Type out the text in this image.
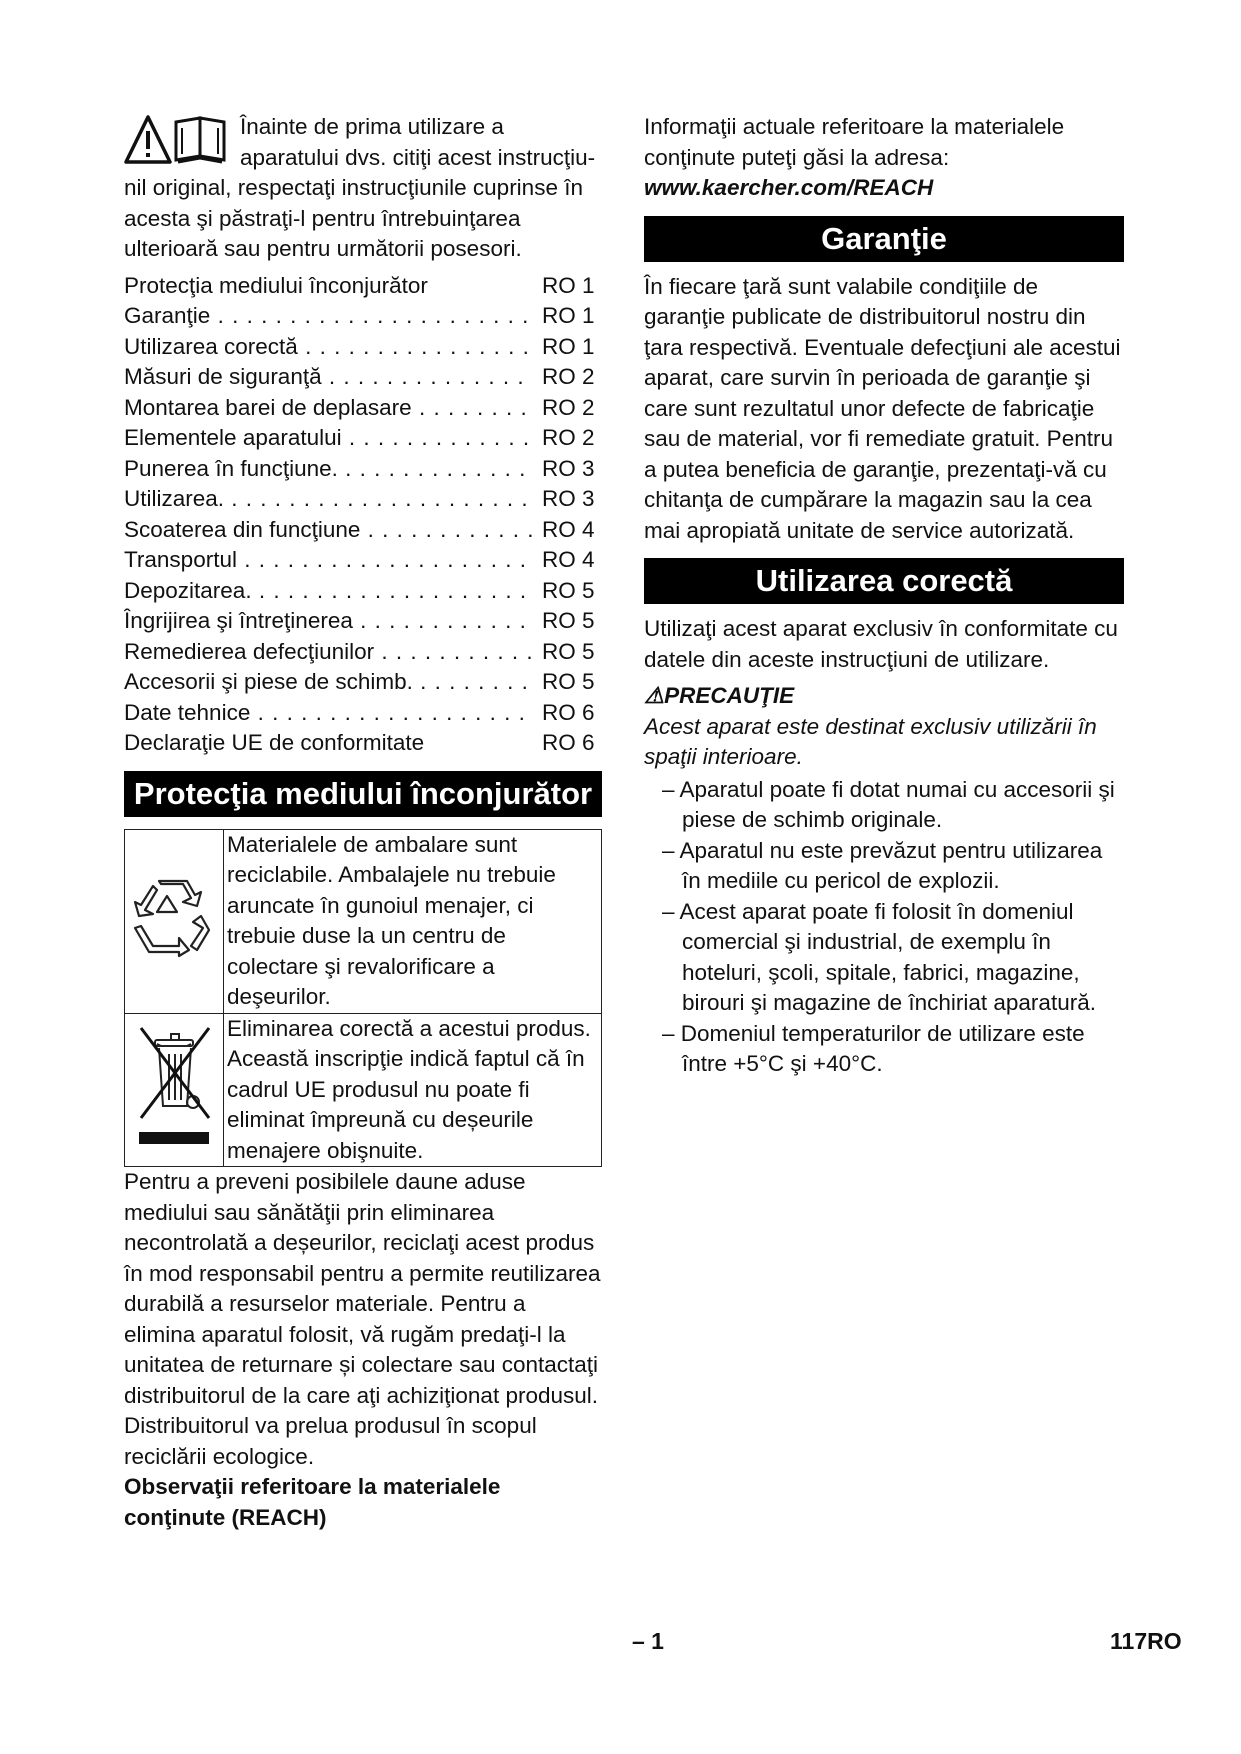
Înainte de prima utilizare a aparatului dvs. citiţi acest instrucţiu-

nil original, respectaţi instrucţiunile cuprinse în acesta şi păstraţi-l pentru întrebuinţarea ulterioară sau pentru următorii posesori.

Protecţia mediului înconjurător	RO 1
Garanţie . . .	RO 1
Utilizarea corectă . . .	RO 1
Măsuri de siguranţă . . .	RO 2
Montarea barei de deplasare . . .	RO 2
Elementele aparatului . . .	RO 2
Punerea în funcţiune. . . .	RO 3
Utilizarea. . . .	RO 3
Scoaterea din funcţiune . . .	RO 4
Transportul . . .	RO 4
Depozitarea. . . .	RO 5
Îngrijirea şi întreţinerea . . .	RO 5
Remedierea defecţiunilor . . .	RO 5
Accesorii şi piese de schimb. . . .	RO 5
Date tehnice . . .	RO 6
Declaraţie UE de conformitate	RO 6
Protecţia mediului înconjurător
	Materialele de ambalare sunt reciclabile. Ambalajele nu trebuie aruncate în gunoiul menajer, ci trebuie duse la un centru de colectare şi revalorificare a deşeurilor.
	Eliminarea corectă a acestui produs. Această inscripţie indică faptul că în cadrul UE produsul nu poate fi eliminat împreună cu deșeurile menajere obişnuite.

Pentru a preveni posibilele daune aduse mediului sau sănătăţii prin eliminarea necontrolată a deșeurilor, reciclaţi acest produs în mod responsabil pentru a permite reutilizarea durabilă a resurselor materiale. Pentru a elimina aparatul folosit, vă rugăm predaţi-l la unitatea de returnare și colectare sau contactaţi distribuitorul de la care aţi achiziţionat produsul. Distribuitorul va prelua produsul în scopul reciclării ecologice.

Observaţii referitoare la materialele conţinute (REACH)

Informaţii actuale referitoare la materialele conţinute puteţi găsi la adresa:

www.kaercher.com/REACH

Garanţie

În fiecare ţară sunt valabile condiţiile de garanţie publicate de distribuitorul nostru din ţara respectivă. Eventuale defecţiuni ale acestui aparat, care survin în perioada de garanţie şi care sunt rezultatul unor defecte de fabricaţie sau de material, vor fi remediate gratuit. Pentru a putea beneficia de garanţie, prezentaţi-vă cu chitanţa de cumpărare la magazin sau la cea mai apropiată unitate de service autorizată.

Utilizarea corectă

Utilizaţi acest aparat exclusiv în conformitate cu datele din aceste instrucţiuni de utilizare.

⚠PRECAUŢIE

Acest aparat este destinat exclusiv utilizării în spaţii interioare.

– Aparatul poate fi dotat numai cu accesorii şi piese de schimb originale.
– Aparatul nu este prevăzut pentru utilizarea în mediile cu pericol de explozii.
– Acest aparat poate fi folosit în domeniul comercial şi industrial, de exemplu în hoteluri, şcoli, spitale, fabrici, magazine, birouri şi magazine de închiriat aparatură.
– Domeniul temperaturilor de utilizare este între +5°C şi +40°C.
– 1	117RO
